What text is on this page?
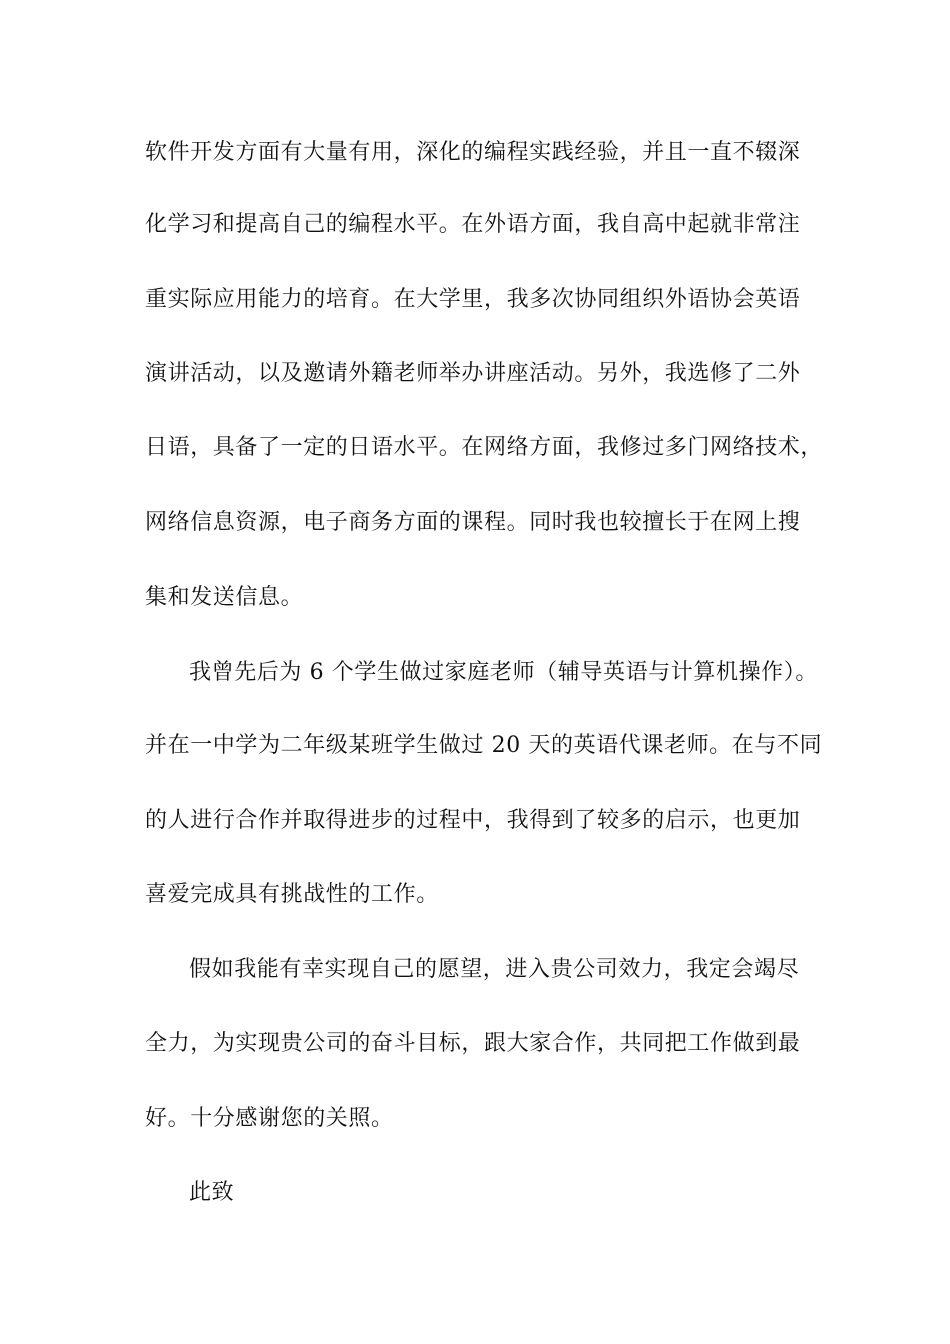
软件开发方面有大量有用，深化的编程实践经验，并且一直不辍深
化学习和提高自己的编程水平。在外语方面，我自高中起就非常注
重实际应用能力的培育。在大学里，我多次协同组织外语协会英语
演讲活动，以及邀请外籍老师举办讲座活动。另外，我选修了二外
日语，具备了一定的日语水平。在网络方面，我修过多门网络技术，
网络信息资源，电子商务方面的课程。同时我也较擅长于在网上搜
集和发送信息。
我曾先后为 6 个学生做过家庭老师（辅导英语与计算机操作）。
并在一中学为二年级某班学生做过 20 天的英语代课老师。在与不同
的人进行合作并取得进步的过程中，我得到了较多的启示，也更加
喜爱完成具有挑战性的工作。
假如我能有幸实现自己的愿望，进入贵公司效力，我定会竭尽
全力，为实现贵公司的奋斗目标，跟大家合作，共同把工作做到最
好。十分感谢您的关照。
此致
